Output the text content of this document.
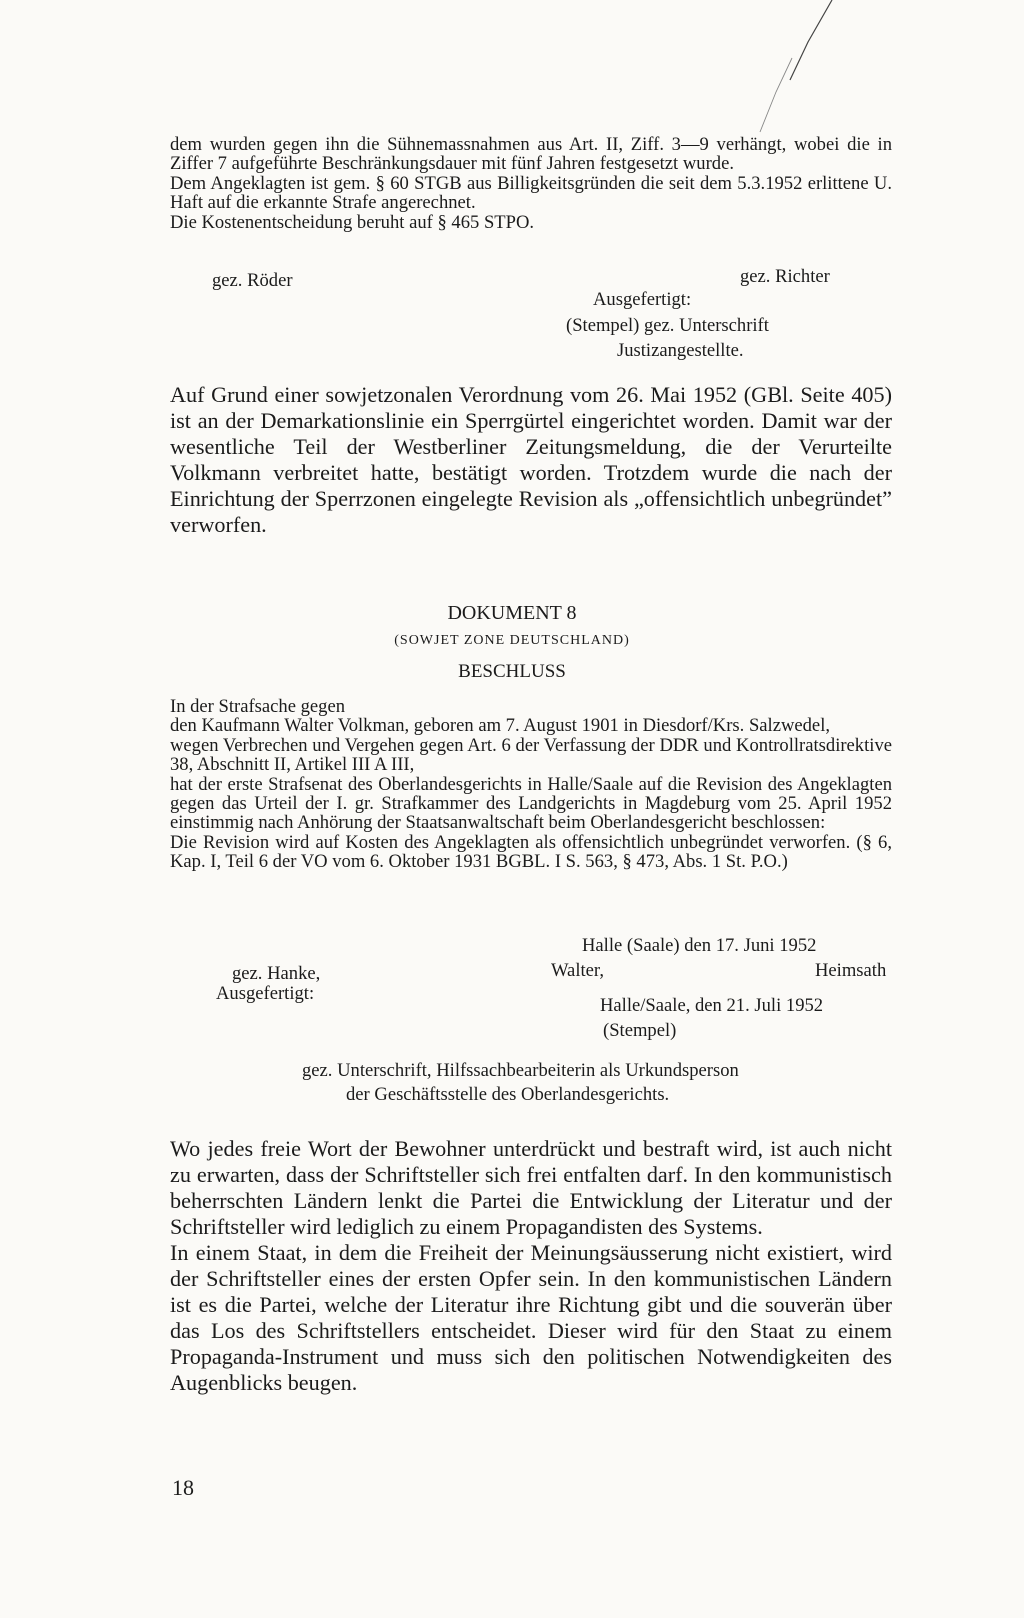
dem wurden gegen ihn die Sühnemassnahmen aus Art. II, Ziff. 3—9 verhängt, wobei die in Ziffer 7 aufgeführte Beschränkungsdauer mit fünf Jahren festgesetzt wurde.

Dem Angeklagten ist gem. § 60 STGB aus Billigkeitsgründen die seit dem 5.3.1952 erlittene U. Haft auf die erkannte Strafe angerechnet.

Die Kostenentscheidung beruht auf § 465 STPO.

gez. Röder	gez. Richter

Ausgefertigt:

(Stempel) gez. Unterschrift

Justizangestellte.

Auf Grund einer sowjetzonalen Verordnung vom 26. Mai 1952 (GBl. Seite 405) ist an der Demarkationslinie ein Sperrgürtel eingerichtet worden. Damit war der wesentliche Teil der Westberliner Zeitungsmeldung, die der Verurteilte Volkmann verbreitet hatte, bestätigt worden. Trotzdem wurde die nach der Einrichtung der Sperrzonen eingelegte Revision als „offensichtlich unbegründet” verworfen.

DOKUMENT 8
(SOWJET ZONE DEUTSCHLAND)
BESCHLUSS

In der Strafsache gegen

den Kaufmann Walter Volkman, geboren am 7. August 1901 in Diesdorf/Krs. Salzwedel,

wegen Verbrechen und Vergehen gegen Art. 6 der Verfassung der DDR und Kontrollratsdirektive 38, Abschnitt II, Artikel III A III,

hat der erste Strafsenat des Oberlandesgerichts in Halle/Saale auf die Revision des Angeklagten gegen das Urteil der I. gr. Strafkammer des Landgerichts in Magdeburg vom 25. April 1952 einstimmig nach Anhörung der Staatsanwaltschaft beim Oberlandesgericht beschlossen:

Die Revision wird auf Kosten des Angeklagten als offensichtlich unbegründet verworfen. (§ 6, Kap. I, Teil 6 der VO vom 6. Oktober 1931 BGBL. I S. 563, § 473, Abs. 1 St. P.O.)

Halle (Saale) den 17. Juni 1952

gez. Hanke,	Walter,	Heimsath

Ausgefertigt:

Halle/Saale, den 21. Juli 1952

(Stempel)

gez. Unterschrift, Hilfssachbearbeiterin als Urkundsperson

der Geschäftsstelle des Oberlandesgerichts.

Wo jedes freie Wort der Bewohner unterdrückt und bestraft wird, ist auch nicht zu erwarten, dass der Schriftsteller sich frei entfalten darf. In den kommunistisch beherrschten Ländern lenkt die Partei die Entwicklung der Literatur und der Schriftsteller wird lediglich zu einem Propagandisten des Systems.

In einem Staat, in dem die Freiheit der Meinungsäusserung nicht existiert, wird der Schriftsteller eines der ersten Opfer sein. In den kommunistischen Ländern ist es die Partei, welche der Literatur ihre Richtung gibt und die souverän über das Los des Schriftstellers entscheidet. Dieser wird für den Staat zu einem Propaganda-Instrument und muss sich den politischen Notwendigkeiten des Augenblicks beugen.

18
